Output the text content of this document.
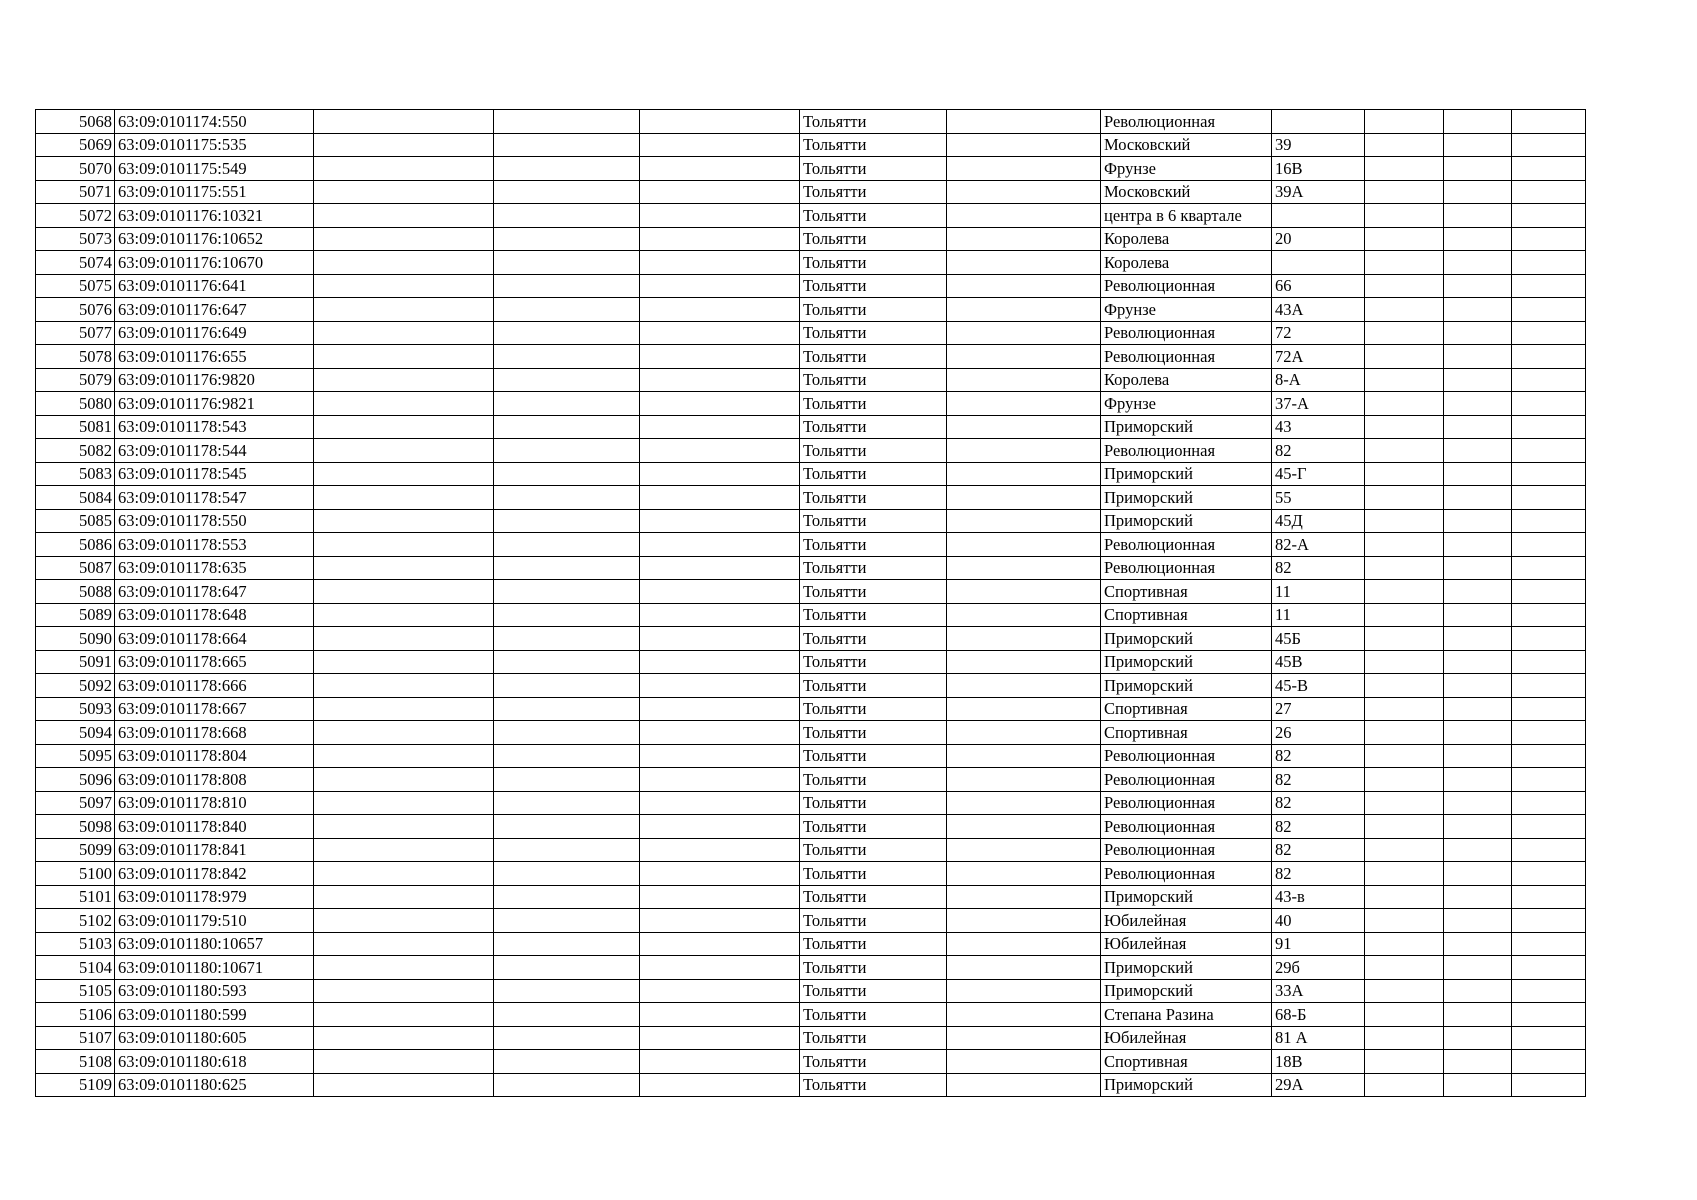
5068	63:09:0101174:550				Тольятти		Революционная				
5069	63:09:0101175:535				Тольятти		Московский	39			
5070	63:09:0101175:549				Тольятти		Фрунзе	16В			
5071	63:09:0101175:551				Тольятти		Московский	39А			
5072	63:09:0101176:10321				Тольятти		центра в 6 квартале				
5073	63:09:0101176:10652				Тольятти		Королева	20			
5074	63:09:0101176:10670				Тольятти		Королева				
5075	63:09:0101176:641				Тольятти		Революционная	66			
5076	63:09:0101176:647				Тольятти		Фрунзе	43А			
5077	63:09:0101176:649				Тольятти		Революционная	72			
5078	63:09:0101176:655				Тольятти		Революционная	72А			
5079	63:09:0101176:9820				Тольятти		Королева	8-А			
5080	63:09:0101176:9821				Тольятти		Фрунзе	37-А			
5081	63:09:0101178:543				Тольятти		Приморский	43			
5082	63:09:0101178:544				Тольятти		Революционная	82			
5083	63:09:0101178:545				Тольятти		Приморский	45-Г			
5084	63:09:0101178:547				Тольятти		Приморский	55			
5085	63:09:0101178:550				Тольятти		Приморский	45Д			
5086	63:09:0101178:553				Тольятти		Революционная	82-А			
5087	63:09:0101178:635				Тольятти		Революционная	82			
5088	63:09:0101178:647				Тольятти		Спортивная	11			
5089	63:09:0101178:648				Тольятти		Спортивная	11			
5090	63:09:0101178:664				Тольятти		Приморский	45Б			
5091	63:09:0101178:665				Тольятти		Приморский	45В			
5092	63:09:0101178:666				Тольятти		Приморский	45-В			
5093	63:09:0101178:667				Тольятти		Спортивная	27			
5094	63:09:0101178:668				Тольятти		Спортивная	26			
5095	63:09:0101178:804				Тольятти		Революционная	82			
5096	63:09:0101178:808				Тольятти		Революционная	82			
5097	63:09:0101178:810				Тольятти		Революционная	82			
5098	63:09:0101178:840				Тольятти		Революционная	82			
5099	63:09:0101178:841				Тольятти		Революционная	82			
5100	63:09:0101178:842				Тольятти		Революционная	82			
5101	63:09:0101178:979				Тольятти		Приморский	43-в			
5102	63:09:0101179:510				Тольятти		Юбилейная	40			
5103	63:09:0101180:10657				Тольятти		Юбилейная	91			
5104	63:09:0101180:10671				Тольятти		Приморский	29б			
5105	63:09:0101180:593				Тольятти		Приморский	33А			
5106	63:09:0101180:599				Тольятти		Степана Разина	68-Б			
5107	63:09:0101180:605				Тольятти		Юбилейная	81 А			
5108	63:09:0101180:618				Тольятти		Спортивная	18В			
5109	63:09:0101180:625				Тольятти		Приморский	29А			
